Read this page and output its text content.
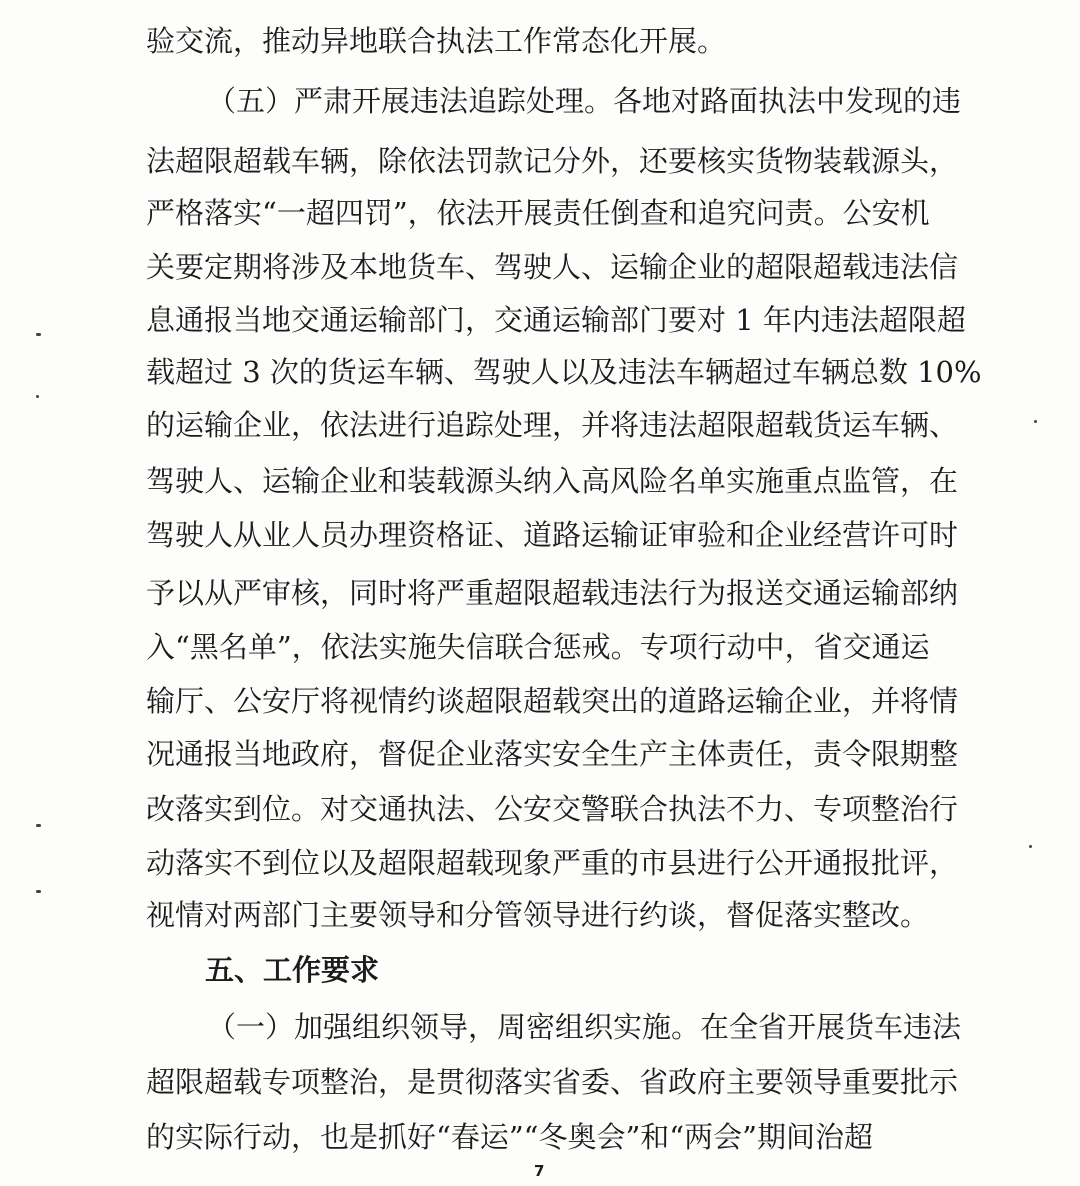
验交流，推动异地联合执法工作常态化开展。
（五）严肃开展违法追踪处理。各地对路面执法中发现的违
法超限超载车辆，除依法罚款记分外，还要核实货物装载源头，
严格落实“一超四罚”，依法开展责任倒查和追究问责。公安机
关要定期将涉及本地货车、驾驶人、运输企业的超限超载违法信
息通报当地交通运输部门，交通运输部门要对 1 年内违法超限超
载超过 3 次的货运车辆、驾驶人以及违法车辆超过车辆总数 10%
的运输企业，依法进行追踪处理，并将违法超限超载货运车辆、
驾驶人、运输企业和装载源头纳入高风险名单实施重点监管，在
驾驶人从业人员办理资格证、道路运输证审验和企业经营许可时
予以从严审核，同时将严重超限超载违法行为报送交通运输部纳
入“黑名单”，依法实施失信联合惩戒。专项行动中，省交通运
输厅、公安厅将视情约谈超限超载突出的道路运输企业，并将情
况通报当地政府，督促企业落实安全生产主体责任，责令限期整
改落实到位。对交通执法、公安交警联合执法不力、专项整治行
动落实不到位以及超限超载现象严重的市县进行公开通报批评，
视情对两部门主要领导和分管领导进行约谈，督促落实整改。
五、工作要求
（一）加强组织领导，周密组织实施。在全省开展货车违法
超限超载专项整治，是贯彻落实省委、省政府主要领导重要批示
的实际行动，也是抓好“春运”“冬奥会”和“两会”期间治超
7
